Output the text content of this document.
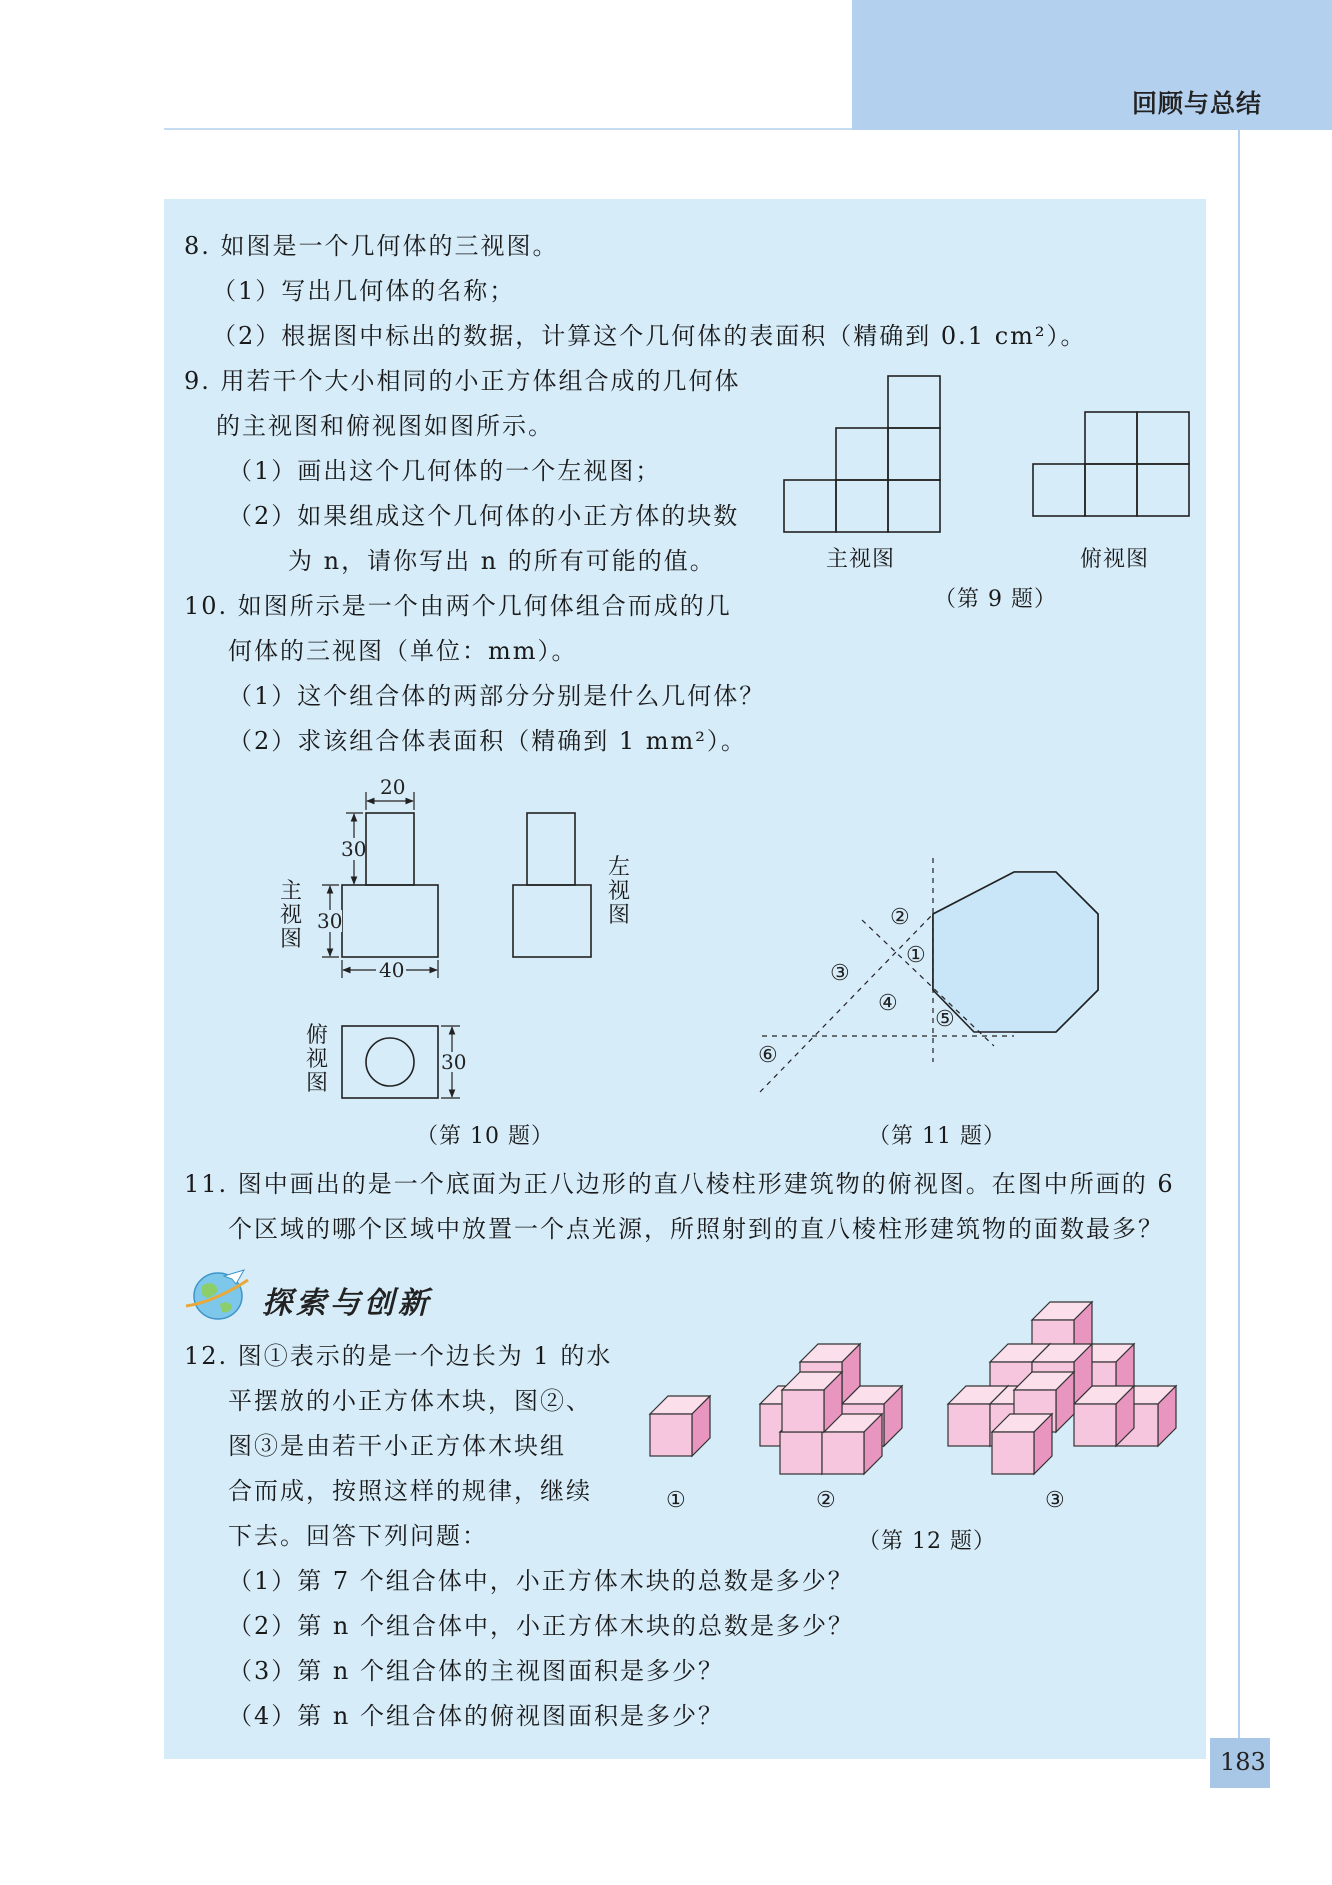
回顾与总结
8. 如图是一个几何体的三视图。
（1）写出几何体的名称；
（2）根据图中标出的数据，计算这个几何体的表面积（精确到 0.1 cm²）。
9. 用若干个大小相同的小正方体组合成的几何体
的主视图和俯视图如图所示。
（1）画出这个几何体的一个左视图；
（2）如果组成这个几何体的小正方体的块数
为 n，请你写出 n 的所有可能的值。	主视图	俯视图
（第 9 题）
10. 如图所示是一个由两个几何体组合而成的几
何体的三视图（单位：mm）。
（1）这个组合体的两部分分别是什么几何体？
（2）求该组合体表面积（精确到 1 mm²）。
20
30
30
40
30
主视图
左视图
俯视图
（第 10 题）
②
①
③
④
⑤
⑥
（第 11 题）
11. 图中画出的是一个底面为正八边形的直八棱柱形建筑物的俯视图。在图中所画的 6
个区域的哪个区域中放置一个点光源，所照射到的直八棱柱形建筑物的面数最多？
探索与创新
12. 图①表示的是一个边长为 1 的水
平摆放的小正方体木块，图②、
图③是由若干小正方体木块组
合而成，按照这样的规律，继续
下去。回答下列问题：
（1）第 7 个组合体中，小正方体木块的总数是多少？
（2）第 n 个组合体中，小正方体木块的总数是多少？
（3）第 n 个组合体的主视图面积是多少？
（4）第 n 个组合体的俯视图面积是多少？
①	②	③
（第 12 题）
183
